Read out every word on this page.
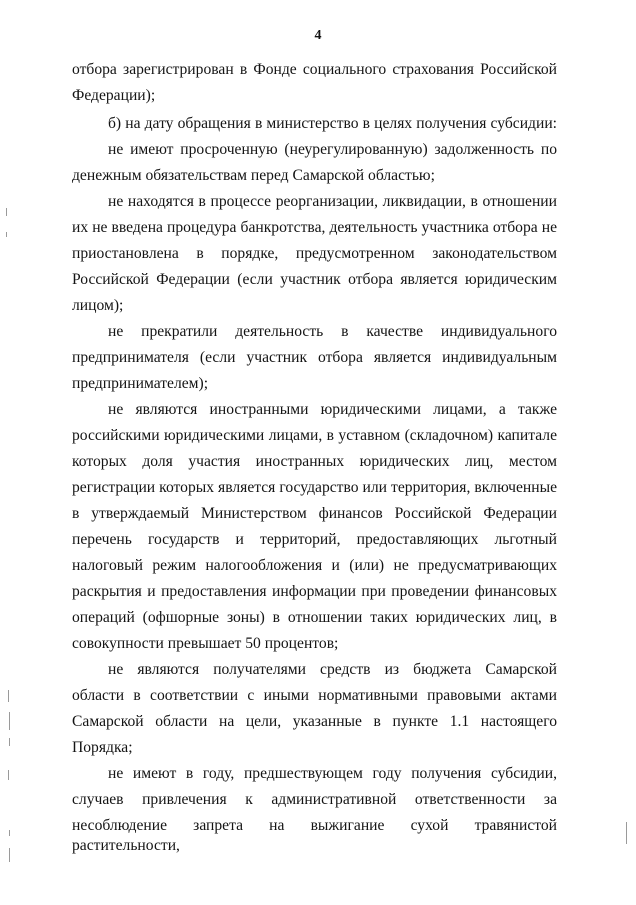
4
отбора зарегистрирован в Фонде социального страхования Российской
Федерации);
б) на дату обращения в министерство в целях получения субсидии:
не имеют просроченную (неурегулированную) задолженность по
денежным обязательствам перед Самарской областью;
не находятся в процессе реорганизации, ликвидации, в отношении
их не введена процедура банкротства, деятельность участника отбора не
приостановлена в порядке, предусмотренном законодательством
Российской Федерации (если участник отбора является юридическим
лицом);
не прекратили деятельность в качестве индивидуального
предпринимателя (если участник отбора является индивидуальным
предпринимателем);
не являются иностранными юридическими лицами, а также
российскими юридическими лицами, в уставном (складочном) капитале
которых доля участия иностранных юридических лиц, местом
регистрации которых является государство или территория, включенные
в утверждаемый Министерством финансов Российской Федерации
перечень государств и территорий, предоставляющих льготный
налоговый режим налогообложения и (или) не предусматривающих
раскрытия и предоставления информации при проведении финансовых
операций (офшорные зоны) в отношении таких юридических лиц, в
совокупности превышает 50 процентов;
не являются получателями средств из бюджета Самарской
области в соответствии с иными нормативными правовыми актами
Самарской области на цели, указанные в пункте 1.1 настоящего
Порядка;
не имеют в году, предшествующем году получения субсидии,
случаев привлечения к административной ответственности за
несоблюдение запрета на выжигание сухой травянистой растительности,
